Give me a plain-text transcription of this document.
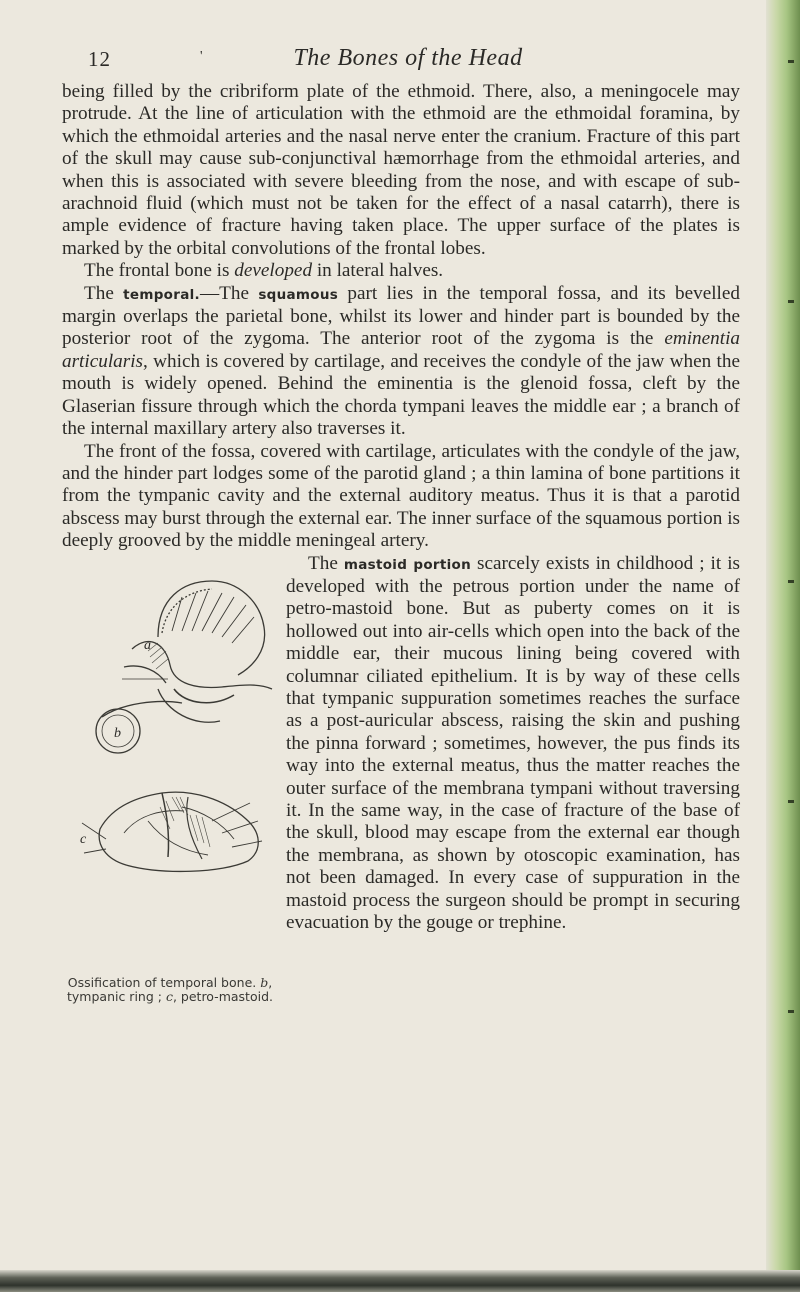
12	'	The Bones of the Head

being filled by the cribriform plate of the ethmoid. There, also, a meningocele may protrude. At the line of articulation with the ethmoid are the ethmoidal foramina, by which the ethmoidal arteries and the nasal nerve enter the cranium. Fracture of this part of the skull may cause sub-conjunctival hæmorrhage from the ethmoidal arteries, and when this is associated with severe bleeding from the nose, and with escape of sub-arachnoid fluid (which must not be taken for the effect of a nasal catarrh), there is ample evidence of fracture having taken place. The upper surface of the plates is marked by the orbital convolutions of the frontal lobes.

The frontal bone is developed in lateral halves.

The temporal.—The squamous part lies in the temporal fossa, and its bevelled margin overlaps the parietal bone, whilst its lower and hinder part is bounded by the posterior root of the zygoma. The anterior root of the zygoma is the eminentia articularis, which is covered by cartilage, and receives the condyle of the jaw when the mouth is widely opened. Behind the eminentia is the glenoid fossa, cleft by the Glaserian fissure through which the chorda tympani leaves the middle ear ; a branch of the internal maxillary artery also traverses it.

The front of the fossa, covered with cartilage, articulates with the condyle of the jaw, and the hinder part lodges some of the parotid gland ; a thin lamina of bone partitions it from the tympanic cavity and the external auditory meatus. Thus it is that a parotid abscess may burst through the external ear. The inner surface of the squamous portion is deeply grooved by the middle meningeal artery.

The mastoid portion scarcely exists in childhood ; it is developed with the petrous portion under the name of petro-mastoid bone. But as puberty comes on it is hollowed out into air-cells which open into the back of the middle ear, their mucous lining being covered with columnar ciliated epithelium. It is by way of these cells that tympanic suppuration sometimes reaches the surface as a post-auricular abscess, raising the skin and pushing the pinna forward ; sometimes, however, the pus finds its way into the external meatus, thus the matter reaches the outer surface of the membrana tympani without traversing it. In the same way, in the case of fracture of the base of the skull, blood may escape from the external ear though the membrana, as shown by otoscopic examination, has not been damaged. In every case of suppuration in the mastoid process the surgeon should be prompt in securing evacuation by the gouge or trephine.

a
b
c
Ossification of temporal bone. b, tympanic ring ; c, petro-mastoid.
